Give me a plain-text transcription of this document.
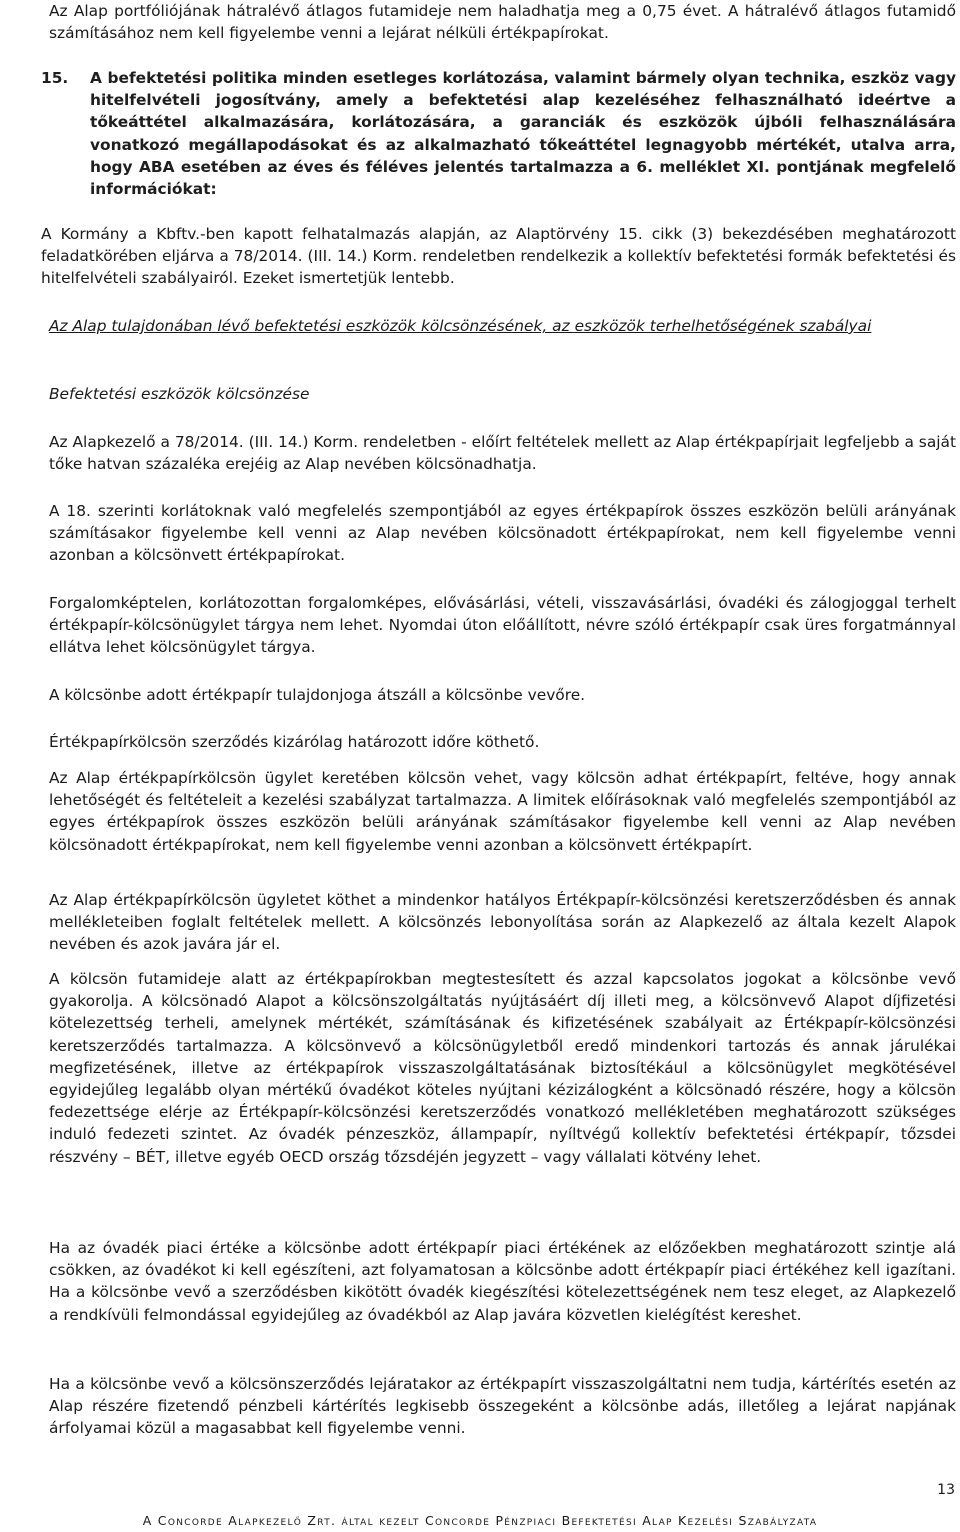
Az Alap portfóliójának hátralévő átlagos futamideje nem haladhatja meg a 0,75 évet. A hátralévő átlagos futamidő számításához nem kell figyelembe venni a lejárat nélküli értékpapírokat.

15.	A befektetési politika minden esetleges korlátozása, valamint bármely olyan technika, eszköz vagy hitelfelvételi jogosítvány, amely a befektetési alap kezeléséhez felhasználható ideértve a tőkeáttétel alkalmazására, korlátozására, a garanciák és eszközök újbóli felhasználására vonatkozó megállapodásokat és az alkalmazható tőkeáttétel legnagyobb mértékét, utalva arra, hogy ABA esetében az éves és féléves jelentés tartalmazza a 6. melléklet XI. pontjának megfelelő információkat:

A Kormány a Kbftv.-ben kapott felhatalmazás alapján, az Alaptörvény 15. cikk (3) bekezdésében meghatározott feladatkörében eljárva a 78/2014. (III. 14.) Korm. rendeletben rendelkezik a kollektív befektetési formák befektetési és hitelfelvételi szabályairól. Ezeket ismertetjük lentebb.

Az Alap tulajdonában lévő befektetési eszközök kölcsönzésének, az eszközök terhelhetőségének szabályai

Befektetési eszközök kölcsönzése

Az Alapkezelő a 78/2014. (III. 14.) Korm. rendeletben - előírt feltételek mellett az Alap értékpapírjait legfeljebb a saját tőke hatvan százaléka erejéig az Alap nevében kölcsönadhatja.

A 18. szerinti korlátoknak való megfelelés szempontjából az egyes értékpapírok összes eszközön belüli arányának számításakor figyelembe kell venni az Alap nevében kölcsönadott értékpapírokat, nem kell figyelembe venni azonban a kölcsönvett értékpapírokat.

Forgalomképtelen, korlátozottan forgalomképes, elővásárlási, vételi, visszavásárlási, óvadéki és zálogjoggal terhelt értékpapír-kölcsönügylet tárgya nem lehet. Nyomdai úton előállított, névre szóló értékpapír csak üres forgatmánnyal ellátva lehet kölcsönügylet tárgya.

A kölcsönbe adott értékpapír tulajdonjoga átszáll a kölcsönbe vevőre.

Értékpapírkölcsön szerződés kizárólag határozott időre köthető.

Az Alap értékpapírkölcsön ügylet keretében kölcsön vehet, vagy kölcsön adhat értékpapírt, feltéve, hogy annak lehetőségét és feltételeit a kezelési szabályzat tartalmazza. A limitek előírásoknak való megfelelés szempontjából az egyes értékpapírok összes eszközön belüli arányának számításakor figyelembe kell venni az Alap nevében kölcsönadott értékpapírokat, nem kell figyelembe venni azonban a kölcsönvett értékpapírt.

Az Alap értékpapírkölcsön ügyletet köthet a mindenkor hatályos Értékpapír-kölcsönzési keretszerződésben és annak mellékleteiben foglalt feltételek mellett. A kölcsönzés lebonyolítása során az Alapkezelő az általa kezelt Alapok nevében és azok javára jár el.

A kölcsön futamideje alatt az értékpapírokban megtestesített és azzal kapcsolatos jogokat a kölcsönbe vevő gyakorolja. A kölcsönadó Alapot a kölcsönszolgáltatás nyújtásáért díj illeti meg, a kölcsönvevő Alapot díjfizetési kötelezettség terheli, amelynek mértékét, számításának és kifizetésének szabályait az Értékpapír-kölcsönzési keretszerződés tartalmazza. A kölcsönvevő a kölcsönügyletből eredő mindenkori tartozás és annak járulékai megfizetésének, illetve az értékpapírok visszaszolgáltatásának biztosítékául a kölcsönügylet megkötésével egyidejűleg legalább olyan mértékű óvadékot köteles nyújtani kézizálogként a kölcsönadó részére, hogy a kölcsön fedezettsége elérje az Értékpapír-kölcsönzési keretszerződés vonatkozó mellékletében meghatározott szükséges induló fedezeti szintet. Az óvadék pénzeszköz, állampapír, nyíltvégű kollektív befektetési értékpapír, tőzsdei részvény – BÉT, illetve egyéb OECD ország tőzsdéjén jegyzett – vagy vállalati kötvény lehet.

Ha az óvadék piaci értéke a kölcsönbe adott értékpapír piaci értékének az előzőekben meghatározott szintje alá csökken, az óvadékot ki kell egészíteni, azt folyamatosan a kölcsönbe adott értékpapír piaci értékéhez kell igazítani. Ha a kölcsönbe vevő a szerződésben kikötött óvadék kiegészítési kötelezettségének nem tesz eleget, az Alapkezelő a rendkívüli felmondással egyidejűleg az óvadékból az Alap javára közvetlen kielégítést kereshet.

Ha a kölcsönbe vevő a kölcsönszerződés lejáratakor az értékpapírt visszaszolgáltatni nem tudja, kártérítés esetén az Alap részére fizetendő pénzbeli kártérítés legkisebb összegeként a kölcsönbe adás, illetőleg a lejárat napjának árfolyamai közül a magasabbat kell figyelembe venni.

13
A Concorde Alapkezelő Zrt. által kezelt Concorde Pénzpiaci Befektetési Alap Kezelési Szabályzata
